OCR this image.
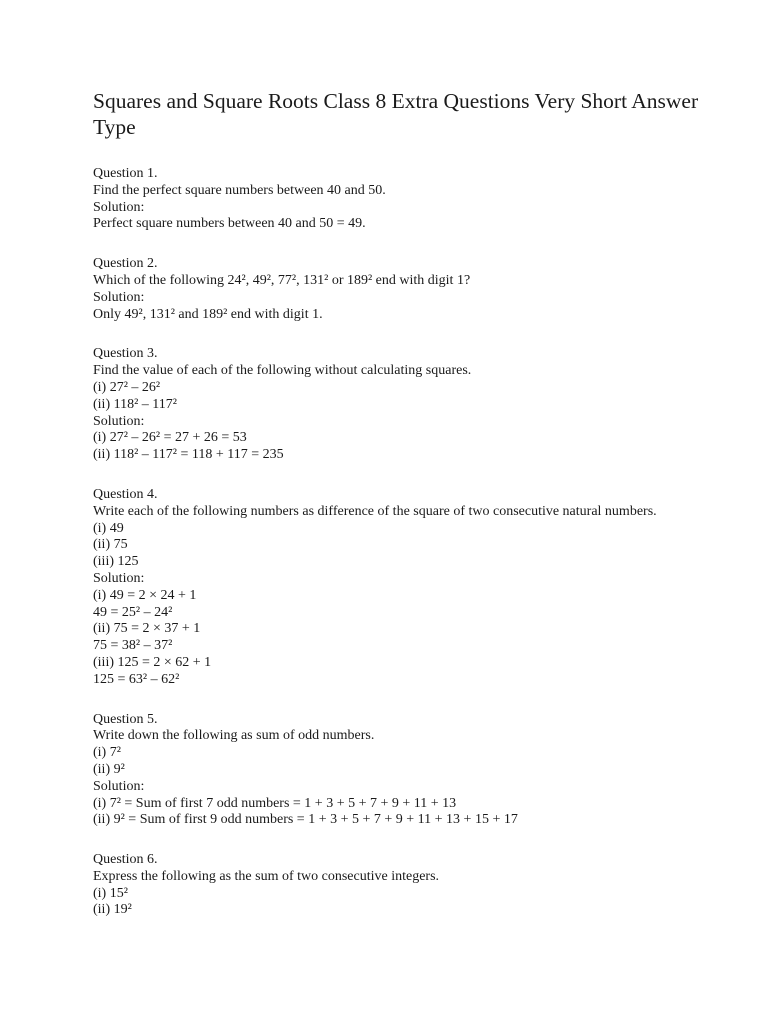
Squares and Square Roots Class 8 Extra Questions Very Short Answer Type

Question 1.

Find the perfect square numbers between 40 and 50.

Solution:

Perfect square numbers between 40 and 50 = 49.

Question 2.

Which of the following 24², 49², 77², 131² or 189² end with digit 1?

Solution:

Only 49², 131² and 189² end with digit 1.

Question 3.

Find the value of each of the following without calculating squares.

(i) 27² – 26²

(ii) 118² – 117²

Solution:

(i) 27² – 26² = 27 + 26 = 53

(ii) 118² – 117² = 118 + 117 = 235

Question 4.

Write each of the following numbers as difference of the square of two consecutive natural numbers.

(i) 49

(ii) 75

(iii) 125

Solution:

(i) 49 = 2 × 24 + 1

49 = 25² – 24²

(ii) 75 = 2 × 37 + 1

75 = 38² – 37²

(iii) 125 = 2 × 62 + 1

125 = 63² – 62²

Question 5.

Write down the following as sum of odd numbers.

(i) 7²

(ii) 9²

Solution:

(i) 7² = Sum of first 7 odd numbers = 1 + 3 + 5 + 7 + 9 + 11 + 13

(ii) 9² = Sum of first 9 odd numbers = 1 + 3 + 5 + 7 + 9 + 11 + 13 + 15 + 17

Question 6.

Express the following as the sum of two consecutive integers.

(i) 15²

(ii) 19²
